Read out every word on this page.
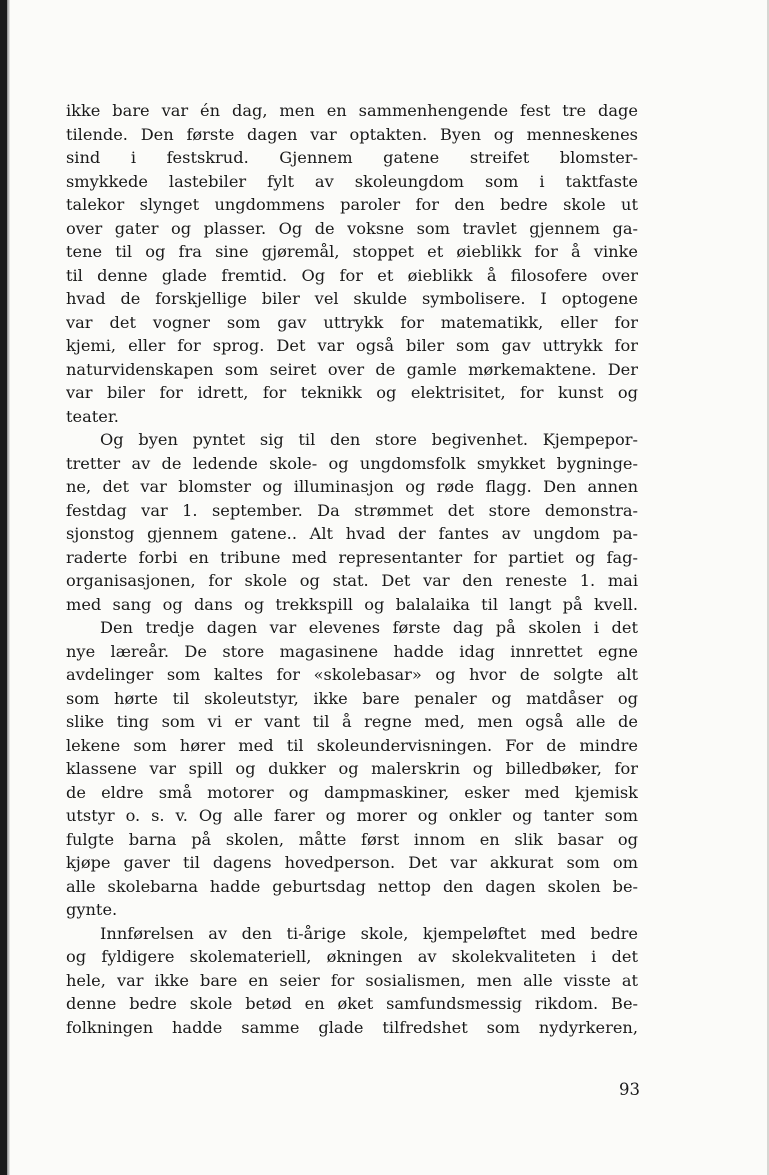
ikke bare var én dag, men en sammenhengende fest tre dage
tilende. Den første dagen var optakten. Byen og menneskenes
sind i festskrud. Gjennem gatene streifet blomster-
smykkede lastebiler fylt av skoleungdom som i taktfaste
talekor slynget ungdommens paroler for den bedre skole ut
over gater og plasser. Og de voksne som travlet gjennem ga-
tene til og fra sine gjøremål, stoppet et øieblikk for å vinke
til denne glade fremtid. Og for et øieblikk å filosofere over
hvad de forskjellige biler vel skulde symbolisere. I optogene
var det vogner som gav uttrykk for matematikk, eller for
kjemi, eller for sprog. Det var også biler som gav uttrykk for
naturvidenskapen som seiret over de gamle mørkemaktene. Der
var biler for idrett, for teknikk og elektrisitet, for kunst og
teater.
Og byen pyntet sig til den store begivenhet. Kjempepor-
tretter av de ledende skole- og ungdomsfolk smykket bygninge-
ne, det var blomster og illuminasjon og røde flagg. Den annen
festdag var 1. september. Da strømmet det store demonstra-
sjonstog gjennem gatene.. Alt hvad der fantes av ungdom pa-
raderte forbi en tribune med representanter for partiet og fag-
organisasjonen, for skole og stat. Det var den reneste 1. mai
med sang og dans og trekkspill og balalaika til langt på kvell.
Den tredje dagen var elevenes første dag på skolen i det
nye læreår. De store magasinene hadde idag innrettet egne
avdelinger som kaltes for «skolebasar» og hvor de solgte alt
som hørte til skoleutstyr, ikke bare penaler og matdåser og
slike ting som vi er vant til å regne med, men også alle de
lekene som hører med til skoleundervisningen. For de mindre
klassene var spill og dukker og malerskrin og billedbøker, for
de eldre små motorer og dampmaskiner, esker med kjemisk
utstyr o. s. v. Og alle farer og morer og onkler og tanter som
fulgte barna på skolen, måtte først innom en slik basar og
kjøpe gaver til dagens hovedperson. Det var akkurat som om
alle skolebarna hadde geburtsdag nettop den dagen skolen be-
gynte.
Innførelsen av den ti-årige skole, kjempeløftet med bedre
og fyldigere skolemateriell, økningen av skolekvaliteten i det
hele, var ikke bare en seier for sosialismen, men alle visste at
denne bedre skole betød en øket samfundsmessig rikdom. Be-
folkningen hadde samme glade tilfredshet som nydyrkeren,
93
